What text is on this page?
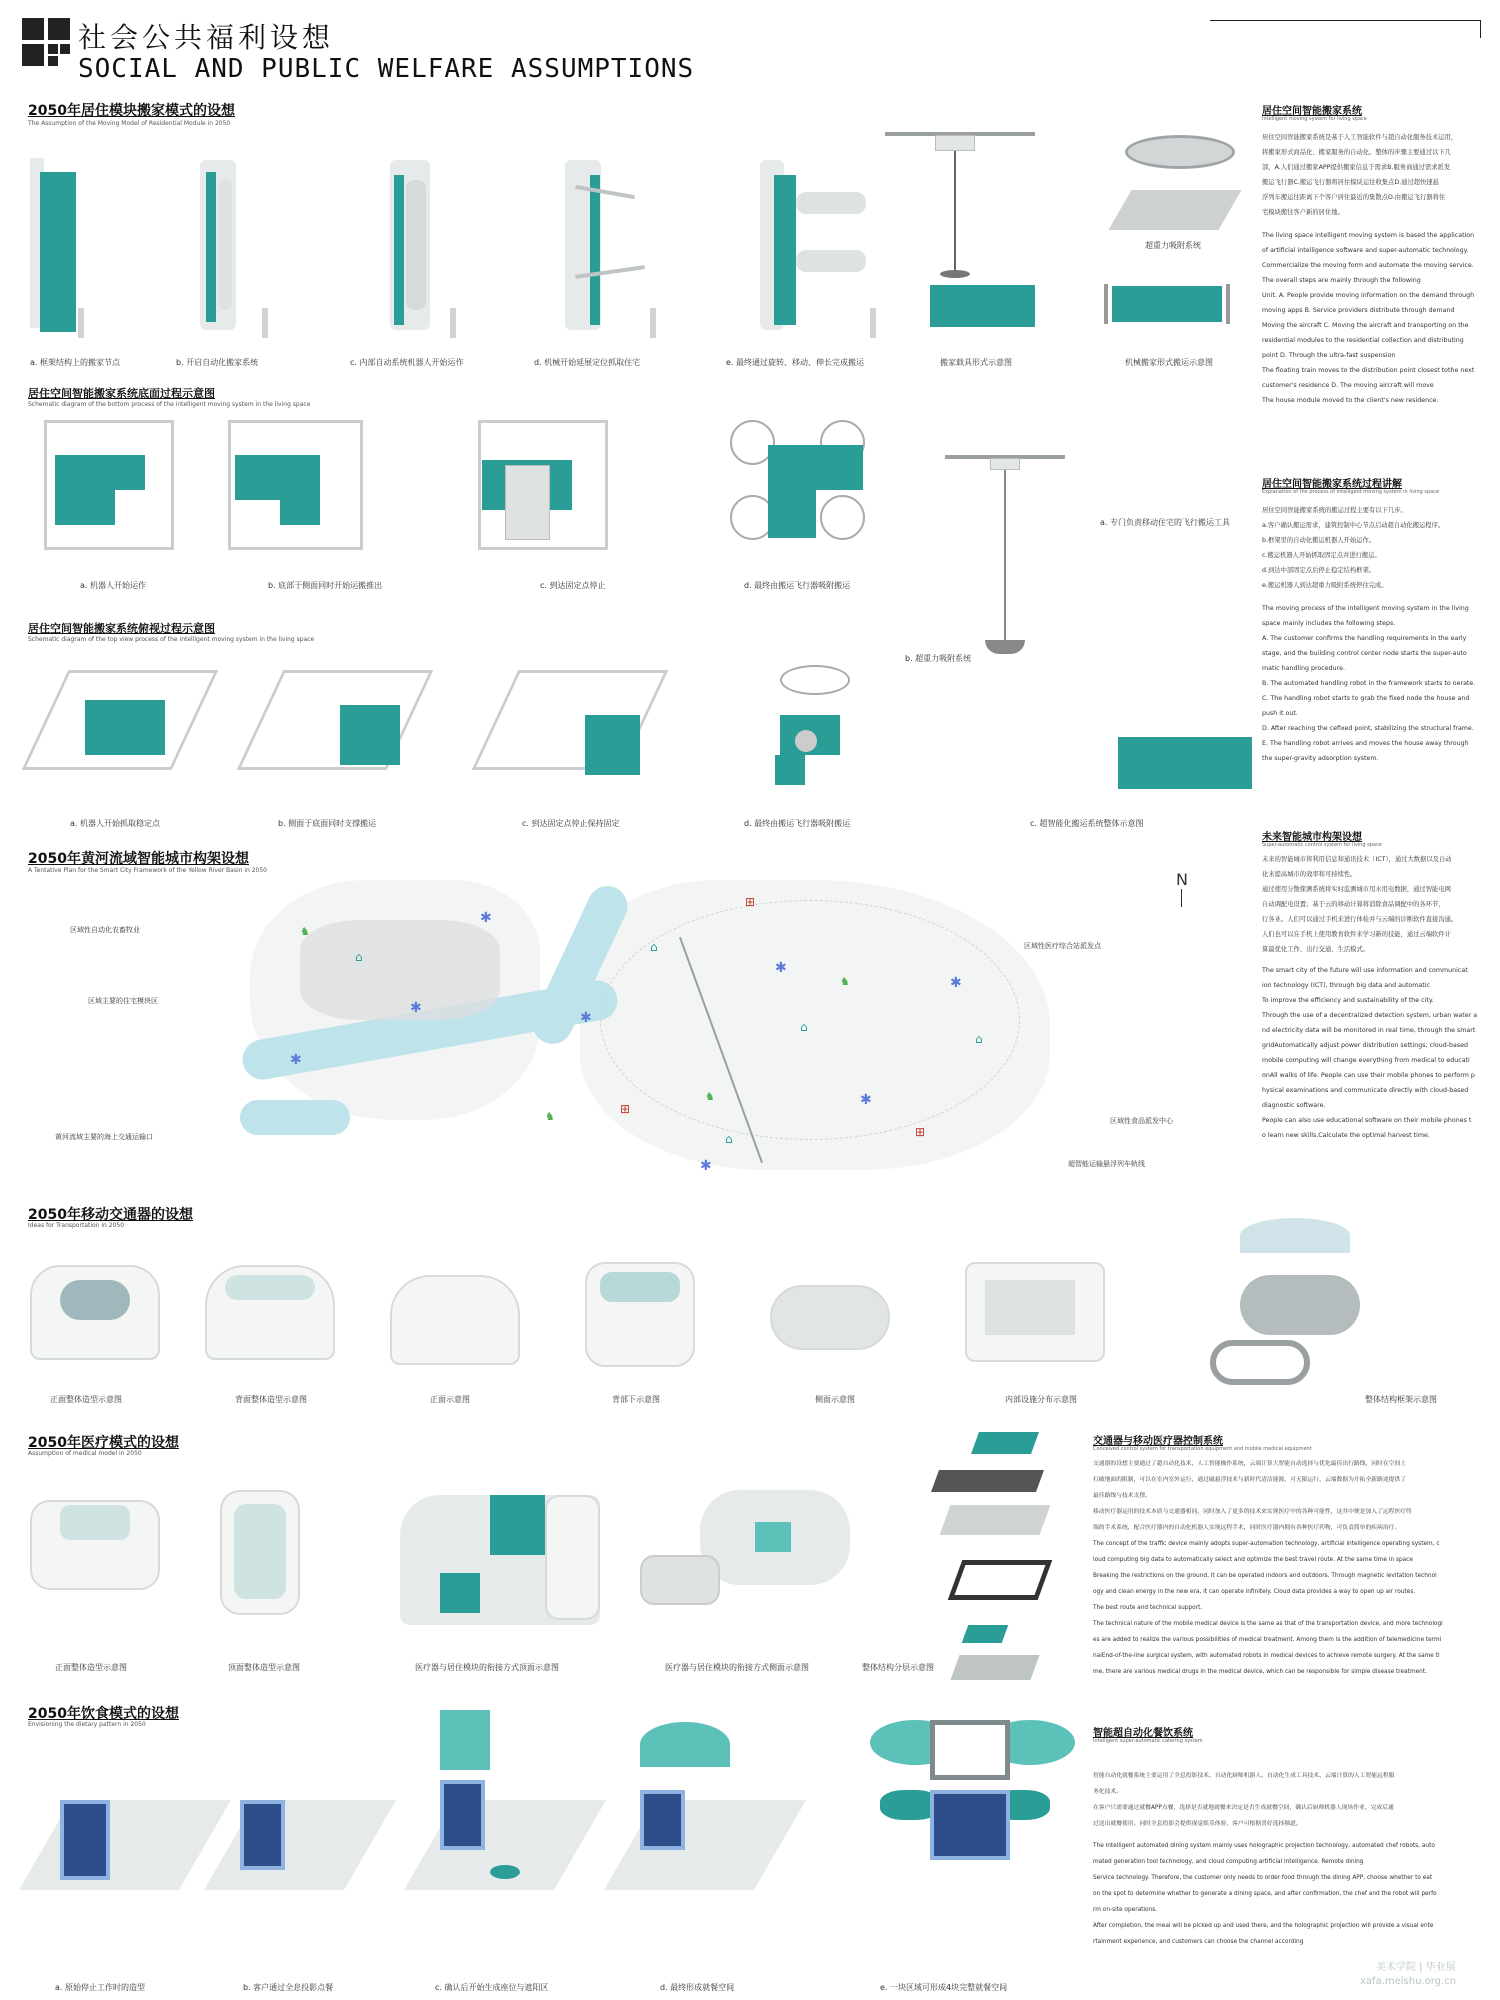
社会公共福利设想
SOCIAL AND PUBLIC WELFARE ASSUMPTIONS
2050年居住模块搬家模式的设想
The Assumption of the Moving Model of Residential Module in 2050
超重力吸附系统
a. 框架结构上的搬家节点	b. 开启自动化搬家系统	c. 内部自动系统机器人开始运作	d. 机械开始延展定位抓取住宅	e. 最终通过旋转、移动、伸长完成搬运	搬家载具形式示意图	机械搬家形式搬运示意图
居住空间智能搬家系统底面过程示意图
Schematic diagram of the bottom process of the intelligent moving system in the living space
a. 机器人开始运作	b. 底部于侧面同时开始运搬推出	c. 到达固定点停止	d. 最终由搬运飞行器吸附搬运
a. 专门负责移动住宅的飞行搬运工具
b. 超重力吸附系统
居住空间智能搬家系统俯视过程示意图
Schematic diagram of the top view process of the intelligent moving system in the living space
a. 机器人开始抓取稳定点	b. 侧面于底面同时支撑搬运	c. 到达固定点停止保持固定	d. 最终由搬运飞行器吸附搬运	c. 超智能化搬运系统整体示意图
2050年黄河流域智能城市构架设想
A Tentative Plan for the Smart City Framework of the Yellow River Basin in 2050
✱
✱
✱
✱
✱
✱
✱
✱
⌂
⌂
⌂
⌂
⌂
♞
♞
♞
♞
⊞
⊞
⊞
N
区域性自动化农畜牧业
区域主要的住宅模块区
黄河流域主要的海上交通运输口
区域性医疗综合站派发点
区域性食品派发中心
超智能运输悬浮列车轨线
2050年移动交通器的设想
Ideas for Transportation in 2050
正面整体造型示意图	背面整体造型示意图	正面示意图	背部下示意图	侧面示意图	内部设施分布示意图	整体结构框架示意图
2050年医疗模式的设想
Assumption of medical model in 2050
正面整体造型示意图	顶面整体造型示意图	医疗器与居住模块的衔接方式顶面示意图	医疗器与居住模块的衔接方式侧面示意图	整体结构分层示意图
2050年饮食模式的设想
Envisioning the dietary pattern in 2050
a. 原始停止工作时的造型	b. 客户通过全息投影点餐	c. 确认后开始生成座位与遮阳区	d. 最终形成就餐空间	e. 一块区域可形成4块完整就餐空间
居住空间智能搬家系统
Intelligent moving system for living space

居住空间智能搬家系统是基于人工智能软件与超自动化服务技术运用，

将搬家形式商品化、搬家服务的自动化。整体的步骤主要通过以下几

部，A.人们通过搬家APP提供搬家信息于需求B.服务商通过需求派发

搬运飞行器C.搬运飞行器将居住模块运往收集点D.通过超快速悬

浮列车搬运往距离下个客户居住最近的集散点D.由搬运飞行器将住

宅模块搬往客户新的居住地。

The living space intelligent moving system is based the application

of artificial intelligence software and super-automatic technology.

Commercialize the moving form and automate the moving service.

The overall steps are mainly through the following

Unit. A. People provide moving information on the demand through

moving apps B. Service providers distribute through demand

Moving the aircraft C. Moving the aircraft and transporting on the

residential modules to the residential collection and distributing

point D. Through the ultra-fast suspension

The floating train moves to the distribution point closest tothe next

customer's residence D. The moving aircraft will move

The house module moved to the client's new residence.

居住空间智能搬家系统过程讲解
Explanation of the process of intelligent moving system in living space

居住空间智能搬家系统的搬运过程主要有以下几步。

a.客户确认搬运需求，建筑控制中心节点启动超自动化搬运程序。

b.框架里的自动化搬运机器人开始运作。

c.搬运机器人开始抓取固定点并进行搬运。

d.到达中部固定点后停止稳定结构框架。

e.搬运机器人到达超重力吸附系统停住完成。

The moving process of the intelligent moving system in the living

space mainly includes the following steps.

A. The customer confirms the handling requirements in the early

stage, and the building control center node starts the super-auto

matic handling procedure.

B. The automated handling robot in the framework starts to oerate.

C. The handling robot starts to grab the fixed node the house and

push it out.

D. After reaching the cefixed point, stabilizing the structural frame.

E. The handling robot arrives and moves the house away through

the super-gravity adsorption system.

未来智能城市构架设想
Super-automatic control system for living space

未来的智能城市将利用信息和通讯技术（ICT），通过大数据以及自动

化来提高城市的效率和可持续性。

通过使用分散探测系统将实时监测城市用水用电数据，通过智能电网

自动调配电设置；基于云的移动计算将消除食品调配中的各环节，

行各业。人们可以通过手机来进行体检并与云端的诊断软件直接沟通。

人们也可以在手机上使用教育软件来学习新的技能，通过云端软件计

算最优化工作、出行交通、生活模式。

The smart city of the future will use information and communicat

ion technology (ICT), through big data and automatic

To improve the efficiency and sustainability of the city.

Through the use of a decentralized detection system, urban water a

nd electricity data will be monitored in real time, through the smart

gridAutomatically adjust power distribution settings; cloud-based

mobile computing will change everything from medical to educati

onAll walks of life. People can use their mobile phones to perform p

hysical examinations and communicate directly with cloud-based

diagnostic software.

People can also use educational software on their mobile phones t

o learn new skills.Calculate the optimal harvest time.

交通器与移动医疗器控制系统
Conceived control system for transportation equipment and mobile medical equipment

交通器的设想主要通过了超自动化技术，人工智能操作系统，云端计算大智能自动选择与优化最佳出行路线，同时在空间上

打破地面的限制，可以在室内室外运行，通过磁悬浮技术与新时代清洁能源，可无限运行，云端数据为开拓全新路途提供了

最佳路线与技术支撑。

移动医疗器运用的技术本质与交通器相同，同时加入了更多的技术来实现医疗中的各种可能性，这其中便是加入了远程医疗终

端的手术系统，配合医疗器内的自动化机器人实现远程手术，同时医疗器内拥有各种医疗药物，可负责简单的疾病治疗。

The concept of the traffic device mainly adopts super-automation technology, artificial intelligence operating system, c

loud computing big data to automatically select and optimize the best travel route. At the same time in space

Breaking the restrictions on the ground, it can be operated indoors and outdoors. Through magnetic levitation technol

ogy and clean energy in the new era, it can operate infinitely. Cloud data provides a way to open up air routes.

The best route and technical support.

The technical nature of the mobile medical device is the same as that of the transportation device, and more technologi

es are added to realize the various possibilities of medical treatment. Among them is the addition of telemedicine termi

nalEnd-of-the-line surgical system, with automated robots in medical devices to achieve remote surgery. At the same ti

me, there are various medical drugs in the medical device, which can be responsible for simple disease treatment.

智能超自动化餐饮系统
Intelligent super-automatic catering system

智能自动化就餐系统主要运用了全息投影技术、自动化厨师机器人、自动化生成工具技术、云端计算的人工智能远程服

务化技术。

在客户只需要通过就餐APP点餐，选择是否就地就餐来决定是否生成就餐空间，确认后厨师机器人现场作业，完成后通

过送出就餐使用。同时全息投影会提供视觉娱乐体验，客户可根据喜好选择频道。

The intelligent automated dining system mainly uses holographic projection technology, automated chef robots, auto

mated generation tool technology, and cloud computing artificial intelligence. Remote dining

Service technology. Therefore, the customer only needs to order food through the dining APP, choose whether to eat

on the spot to determine whether to generate a dining space, and after confirmation, the chef and the robot will perfo

rm on-site operations.

After completion, the meal will be picked up and used there, and the holographic projection will provide a visual ente

rtainment experience, and customers can choose the channel according

美术学院 | 毕业展
xafa.meishu.org.cn
